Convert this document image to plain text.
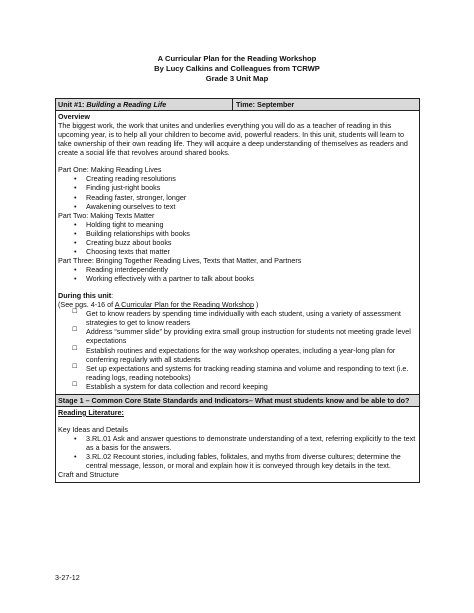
A Curricular Plan for the Reading Workshop
By Lucy Calkins and Colleagues from TCRWP
Grade 3 Unit Map
Unit #1: Building a Reading Life	Time: September

Overview

The biggest work, the work that unites and underlies everything you will do as a teacher of reading in this upcoming year, is to help all your children to become avid, powerful readers. In this unit, students will learn to take ownership of their own reading life. They will acquire a deep understanding of themselves as readers and create a social life that revolves around shared books.

Part One: Making Reading Lives

• Creating reading resolutions
• Finding just-right books
• Reading faster, stronger, longer
• Awakening ourselves to text

Part Two: Making Texts Matter

• Holding tight to meaning
• Building relationships with books
• Creating buzz about books
• Choosing texts that matter

Part Three: Bringing Together Reading Lives, Texts that Matter, and Partners

• Reading interdependently
• Working effectively with a partner to talk about books

During this unit:

(See pgs. 4-16 of A Curricular Plan for the Reading Workshop )

☐ Get to know readers by spending time individually with each student, using a variety of assessment strategies to get to know readers
☐ Address “summer slide” by providing extra small group instruction for students not meeting grade level expectations
☐ Establish routines and expectations for the way workshop operates, including a year-long plan for conferring regularly with all students
☐ Set up expectations and systems for tracking reading stamina and volume and responding to text (i.e. reading logs, reading notebooks)
☐ Establish a system for data collection and record keeping
Stage 1 – Common Core State Standards and Indicators– What must students know and be able to do?

Reading Literature:

Key Ideas and Details

• 3.RL.01 Ask and answer questions to demonstrate understanding of a text, referring explicitly to the text as a basis for the answers.
• 3.RL.02 Recount stories, including fables, folktales, and myths from diverse cultures; determine the central message, lesson, or moral and explain how it is conveyed through key details in the text.

Craft and Structure

3-27-12
